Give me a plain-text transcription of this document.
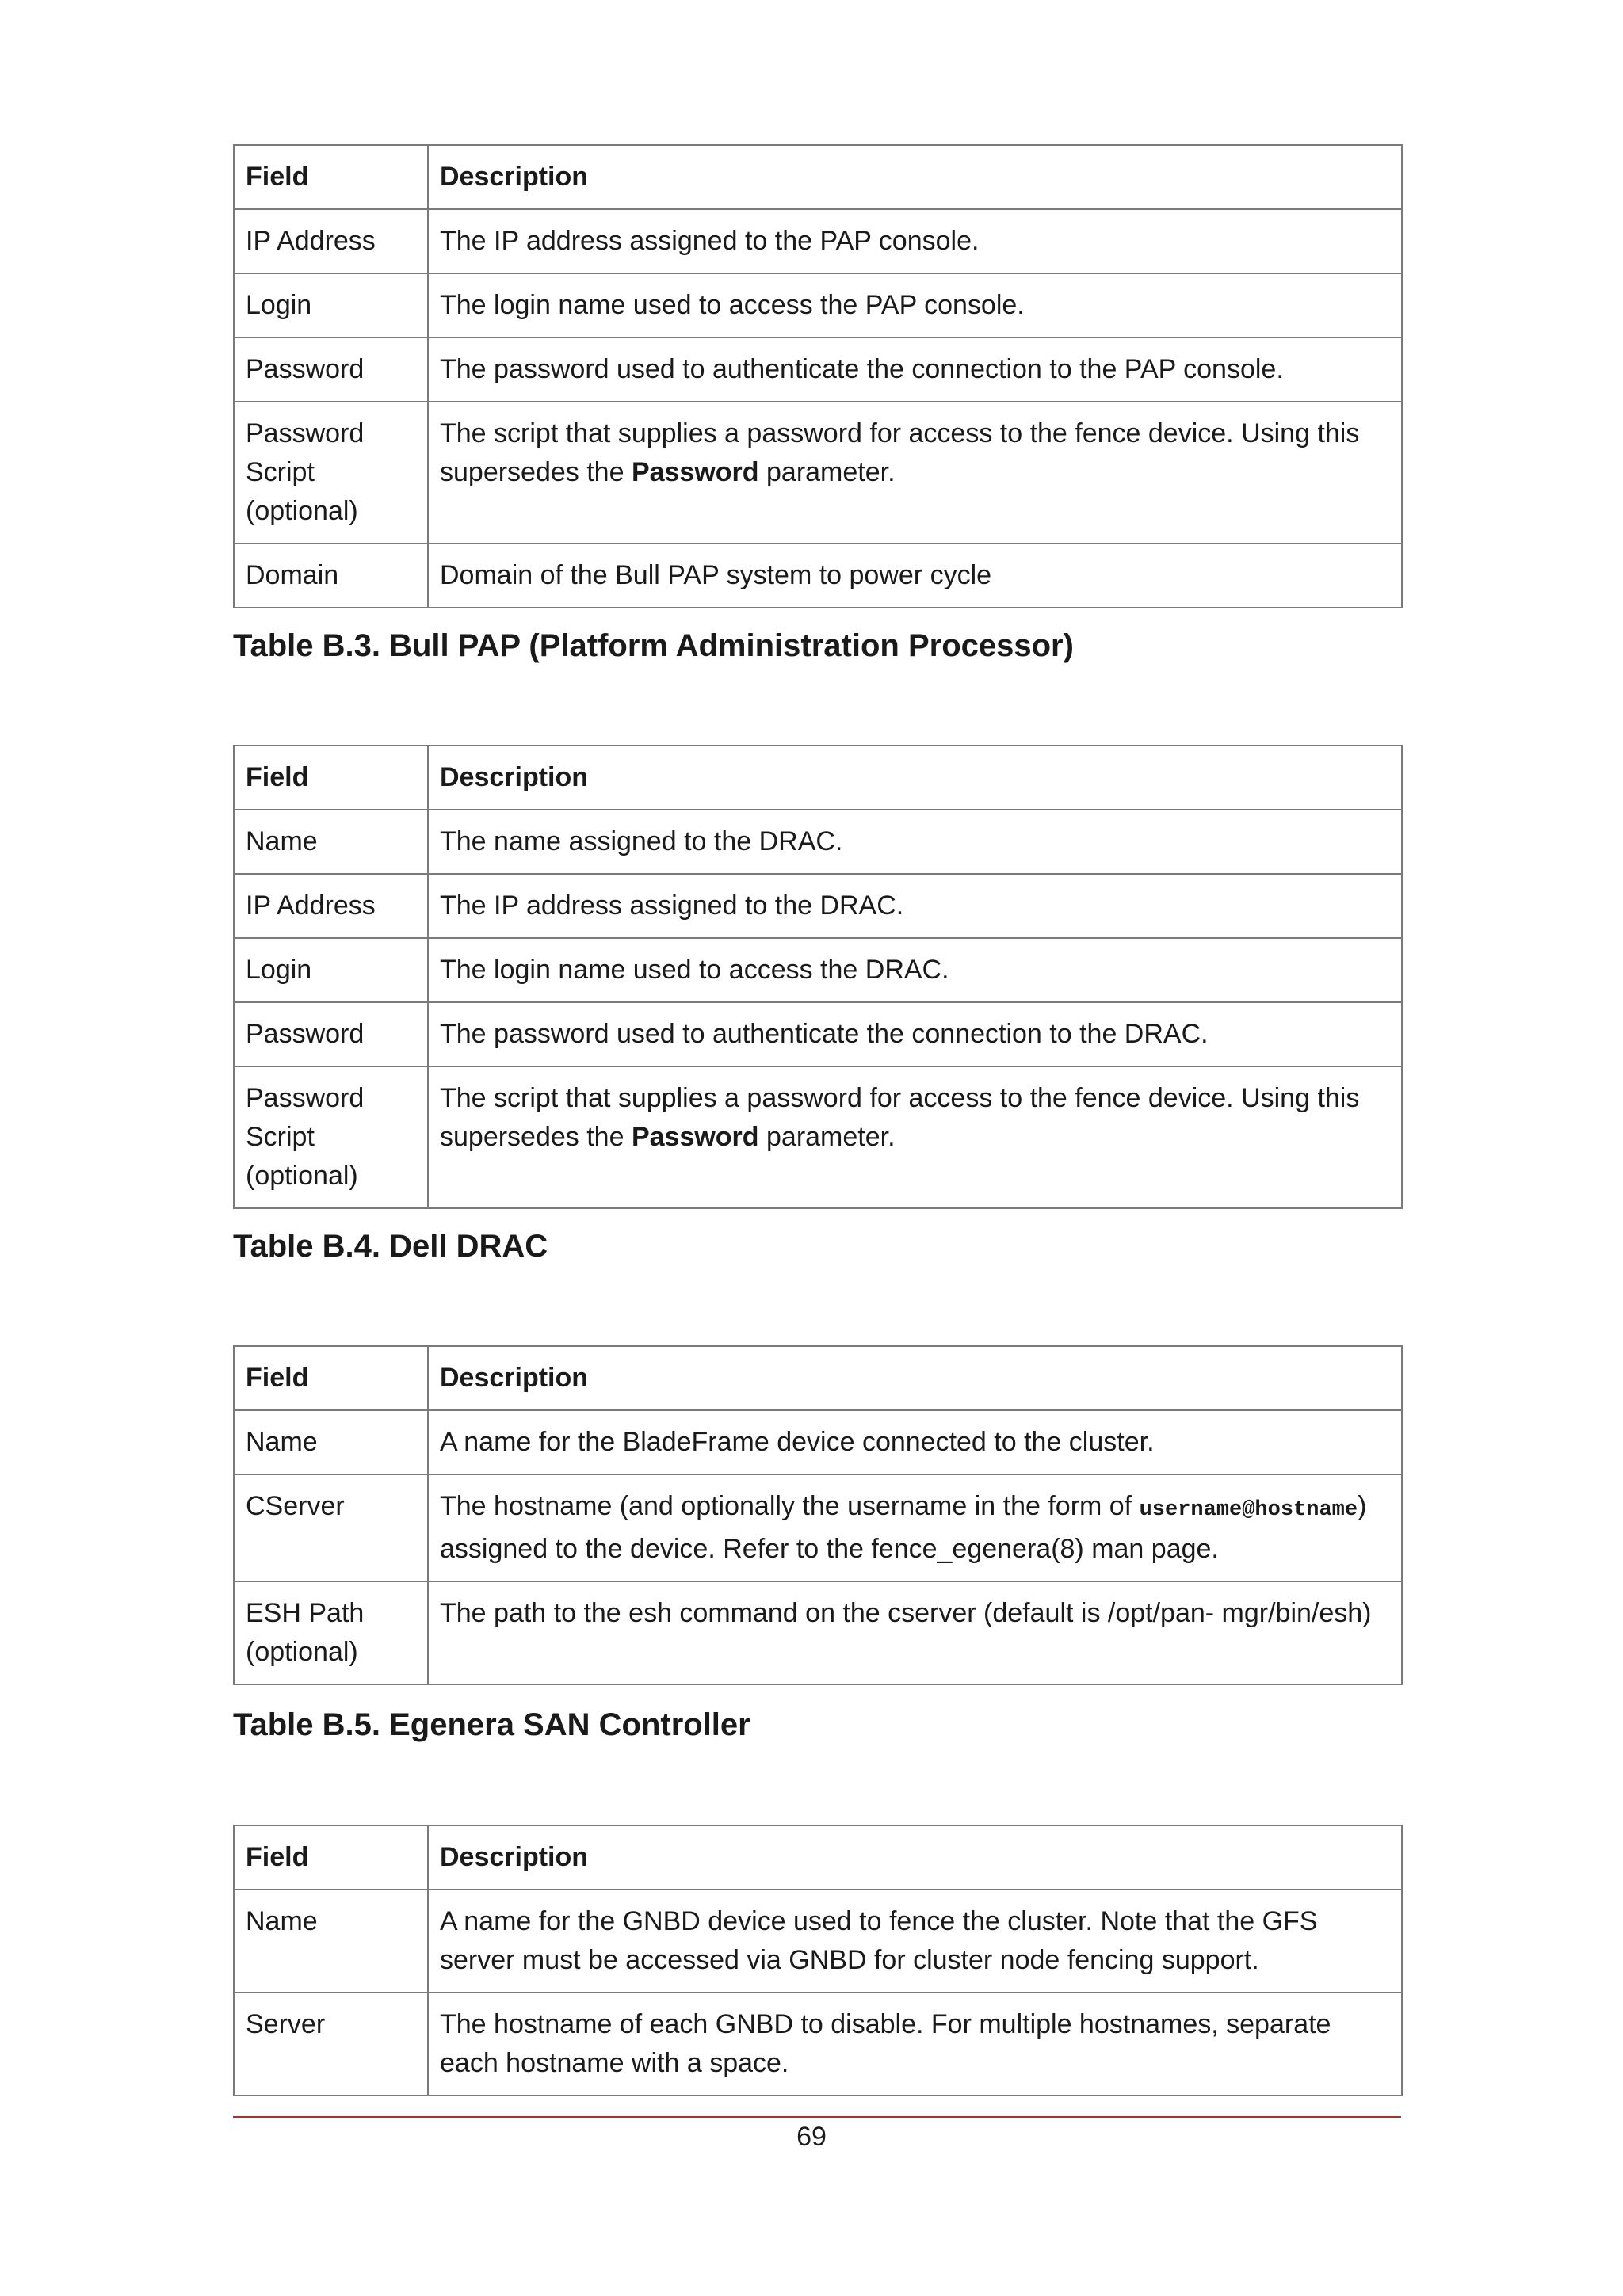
Field	Description
IP Address	The IP address assigned to the PAP console.
Login	The login name used to access the PAP console.
Password	The password used to authenticate the connection to the PAP console.
Password Script (optional)	The script that supplies a password for access to the fence device. Using this supersedes the Password parameter.
Domain	Domain of the Bull PAP system to power cycle
Table B.3. Bull PAP (Platform Administration Processor)
Field	Description
Name	The name assigned to the DRAC.
IP Address	The IP address assigned to the DRAC.
Login	The login name used to access the DRAC.
Password	The password used to authenticate the connection to the DRAC.
Password Script (optional)	The script that supplies a password for access to the fence device. Using this supersedes the Password parameter.
Table B.4. Dell DRAC
Field	Description
Name	A name for the BladeFrame device connected to the cluster.
CServer	The hostname (and optionally the username in the form of username@hostname) assigned to the device. Refer to the fence_egenera(8) man page.
ESH Path (optional)	The path to the esh command on the cserver (default is /opt/pan- mgr/bin/esh)
Table B.5. Egenera SAN Controller
Field	Description
Name	A name for the GNBD device used to fence the cluster. Note that the GFS server must be accessed via GNBD for cluster node fencing support.
Server	The hostname of each GNBD to disable. For multiple hostnames, separate each hostname with a space.
69
